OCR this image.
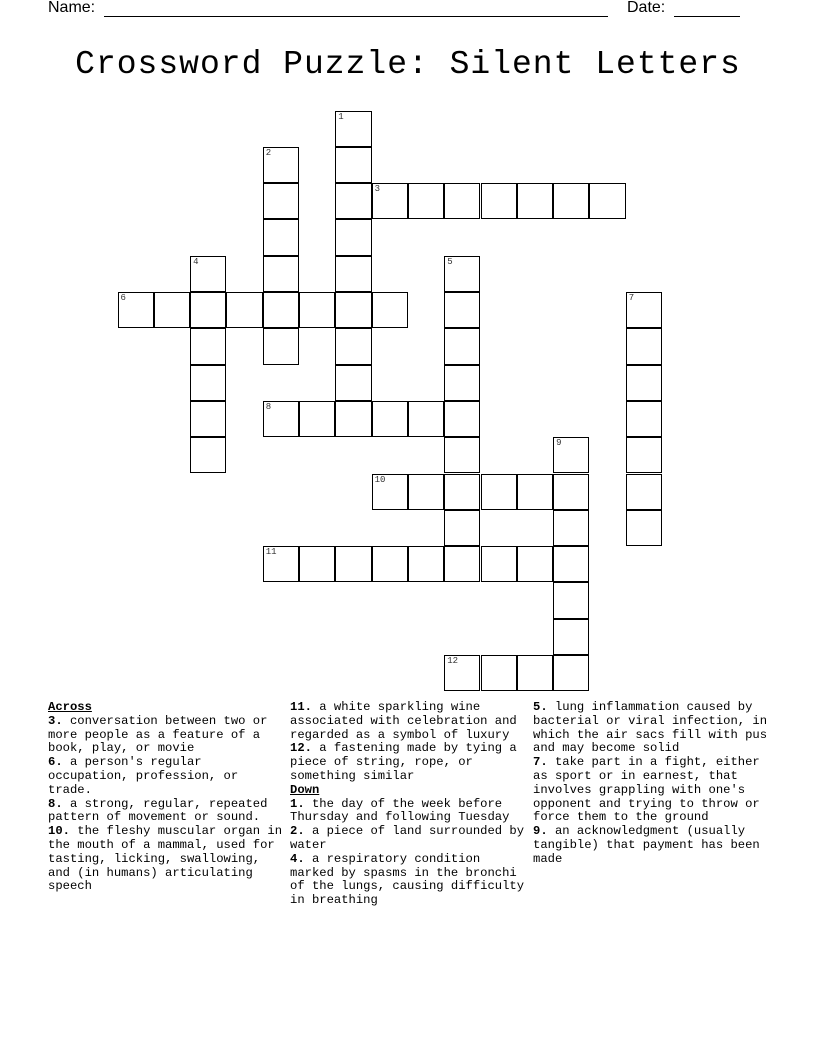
Name:	Date:
Crossword Puzzle: Silent Letters
1
2
4	5
7
9
3
6
8
10
11
12
Across

3. conversation between two or more people as a feature of a book, play, or movie

6. a person's regular occupation, profession, or trade.

8. a strong, regular, repeated pattern of movement or sound.

10. the fleshy muscular organ in the mouth of a mammal, used for tasting, licking, swallowing, and (in humans) articulating speech

11. a white sparkling wine associated with celebration and regarded as a symbol of luxury

12. a fastening made by tying a piece of string, rope, or something similar

Down

1. the day of the week before Thursday and following Tuesday

2. a piece of land surrounded by water

4. a respiratory condition marked by spasms in the bronchi of the lungs, causing difficulty in breathing

5. lung inflammation caused by bacterial or viral infection, in which the air sacs fill with pus and may become solid

7. take part in a fight, either as sport or in earnest, that involves grappling with one's opponent and trying to throw or force them to the ground

9. an acknowledgment (usually tangible) that payment has been made
